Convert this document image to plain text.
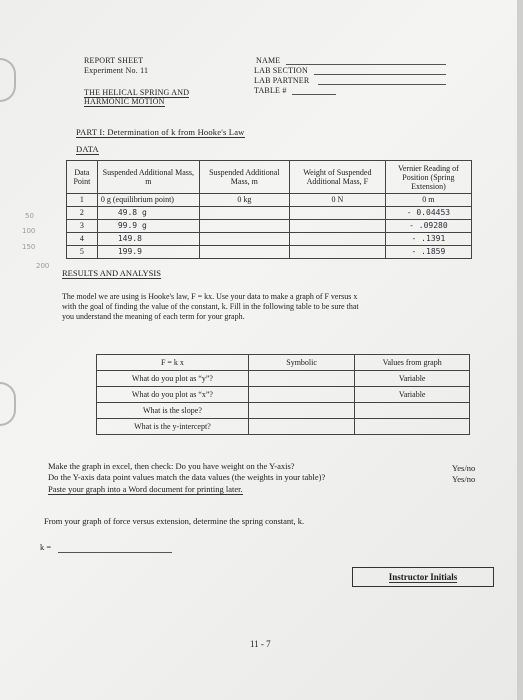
REPORT SHEET
Experiment No. 11
THE HELICAL SPRING AND
HARMONIC MOTION
NAME
LAB SECTION
LAB PARTNER
TABLE #
PART I: Determination of k from Hooke's Law
DATA
Data Point	Suspended Additional Mass, m	Suspended Additional Mass, m	Weight of Suspended Additional Mass, F	Vernier Reading of Position (Spring Extension)
1	0 g (equilibrium point)	0 kg	0 N	0 m
2	49.8 g			- 0.04453
3	99.9 g			- .09280
4	149.8			- .1391
5	199.9			- .1859
50
100
150
200
RESULTS AND ANALYSIS
The model we are using is Hooke's law, F = kx. Use your data to make a graph of F versus x
with the goal of finding the value of the constant, k. Fill in the following table to be sure that
you understand the meaning of each term for your graph.
F = k x	Symbolic	Values from graph
What do you plot as “y”?		Variable
What do you plot as “x”?		Variable
What is the slope?		
What is the y-intercept?		
Make the graph in excel, then check: Do you have weight on the Y-axis?
Do the Y-axis data point values match the data values (the weights in your table)?
Paste your graph into a Word document for printing later.
Yes/no
Yes/no
From your graph of force versus extension, determine the spring constant, k.
k =
Instructor Initials
11 - 7
